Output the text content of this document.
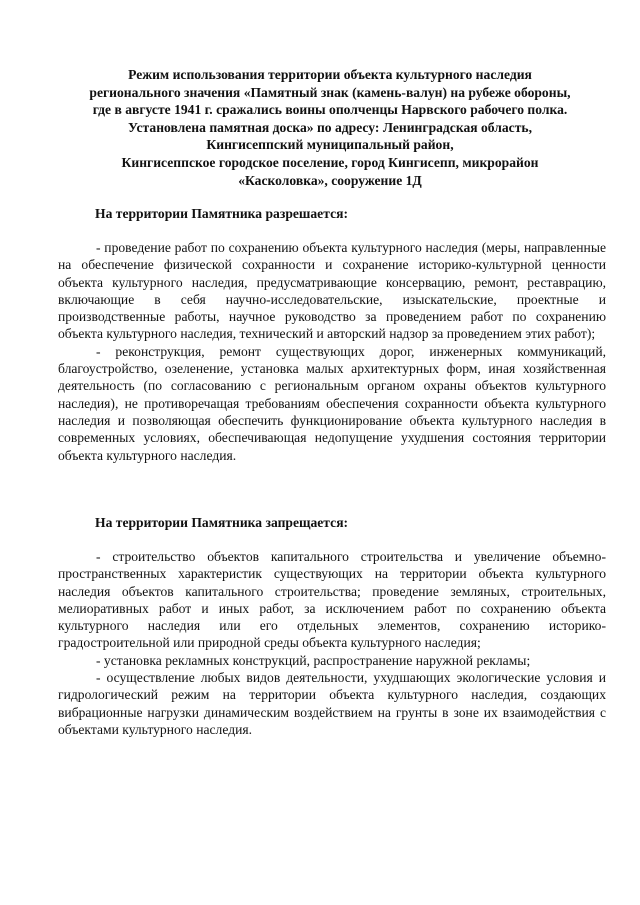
Режим использования территории объекта культурного наследия
регионального значения «Памятный знак (камень-валун) на рубеже обороны,
где в августе 1941 г. сражались воины ополченцы Нарвского рабочего полка.
Установлена памятная доска» по адресу: Ленинградская область,
Кингисеппский муниципальный район,
Кингисеппское городское поселение, город Кингисепп, микрорайон
«Касколовка», сооружение 1Д
На территории Памятника разрешается:

- проведение работ по сохранению объекта культурного наследия (меры, направленные на обеспечение физической сохранности и сохранение историко-культурной ценности объекта культурного наследия, предусматривающие консервацию, ремонт, реставрацию, включающие в себя научно-исследовательские, изыскательские, проектные и производственные работы, научное руководство за проведением работ по сохранению объекта культурного наследия, технический и авторский надзор за проведением этих работ);

- реконструкция, ремонт существующих дорог, инженерных коммуникаций, благоустройство, озеленение, установка малых архитектурных форм, иная хозяйственная деятельность (по согласованию с региональным органом охраны объектов культурного наследия), не противоречащая требованиям обеспечения сохранности объекта культурного наследия и позволяющая обеспечить функционирование объекта культурного наследия в современных условиях, обеспечивающая недопущение ухудшения состояния территории объекта культурного наследия.

На территории Памятника запрещается:

- строительство объектов капитального строительства и увеличение объемно-пространственных характеристик существующих на территории объекта культурного наследия объектов капитального строительства; проведение земляных, строительных, мелиоративных работ и иных работ, за исключением работ по сохранению объекта культурного наследия или его отдельных элементов, сохранению историко-градостроительной или природной среды объекта культурного наследия;

- установка рекламных конструкций, распространение наружной рекламы;

- осуществление любых видов деятельности, ухудшающих экологические условия и гидрологический режим на территории объекта культурного наследия, создающих вибрационные нагрузки динамическим воздействием на грунты в зоне их взаимодействия с объектами культурного наследия.
